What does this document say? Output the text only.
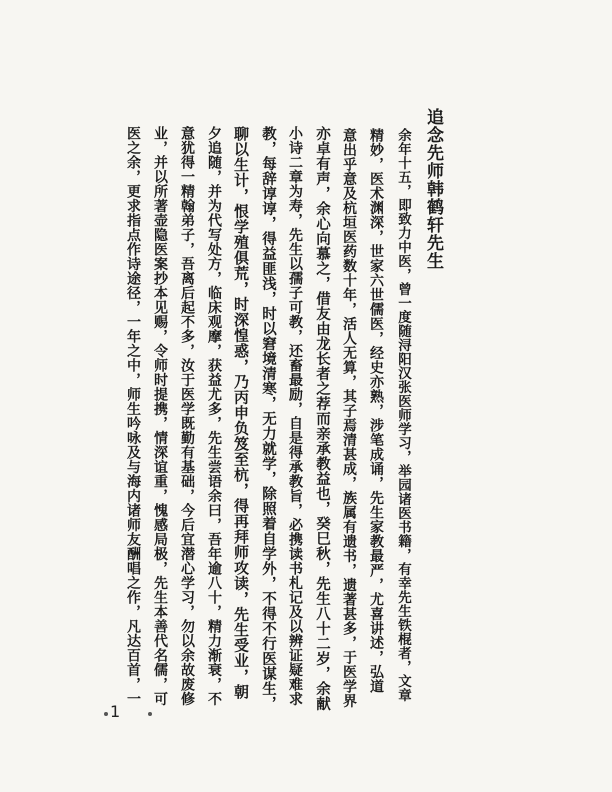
追念先师韩鹤轩先生
余年十五，即致力中医，曾一度随浔阳汉张医师学习，举园诸医书籍，有幸先生铁棍者，文章
精妙，医术渊深，世家六世儒医，经史亦熟，涉笔成诵，先生家教最严，尤喜讲述，弘道
意出乎意及杭垣医药数十年，活人无算，其子焉清甚成，族属有遗书，遗著甚多，于医学界
亦卓有声，余心向慕之，借友由龙长者之荐而亲承教益也，癸巳秋，先生八十二岁，余献
小诗二章为寿，先生以孺子可教，还畜最励，自是得承教旨，必携读书札记及以辨证疑难求
教，每辞谆谆，得益匪浅，时以窘境清寒，无力就学，除照着自学外，不得不行医谋生，
聊以生计，恨学殖俱荒，时深惶惑，乃丙申负笈至杭，得再拜师攻读，先生受业，朝
夕追随，并为代写处方，临床观摩，获益尤多，先生尝语余曰，吾年逾八十，精力渐衰，不
意犹得一精翰弟子，吾离后起不多，汝于医学既勤有基础，今后宜潜心学习，勿以余故废修
业，并以所著壶隐医案抄本见赐，令师时提携，情深谊重，愧感局极，先生本善代名儒，可
医之余，更求指点作诗途径，一年之中，师生吟咏及与海内诸师友酬唱之作，凡达百首，一
1
